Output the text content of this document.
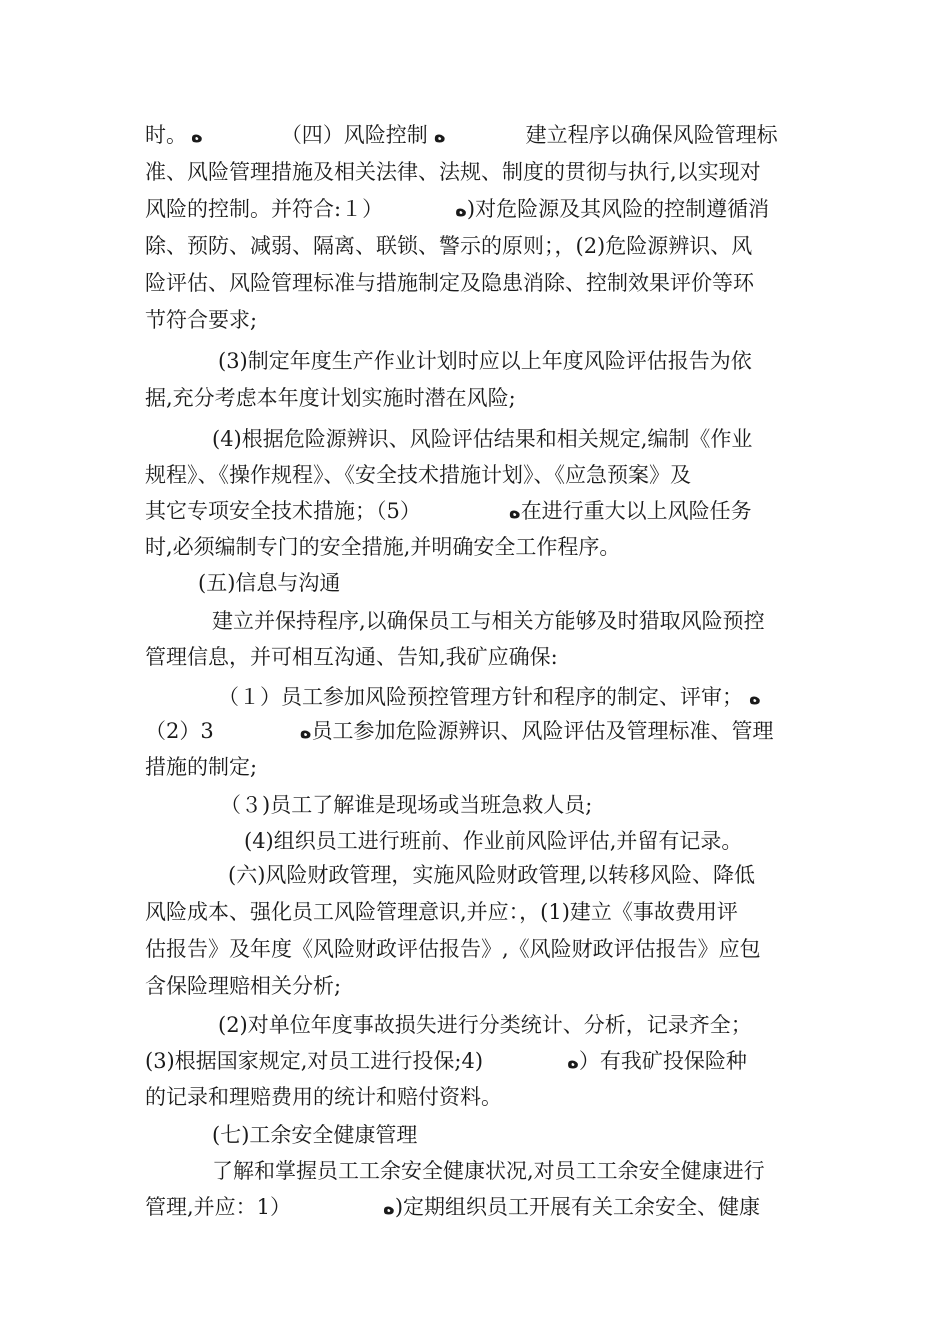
时。 ه	（四）风险控制 ه	建立程序以确保风险管理标
准、风险管理措施及相关法律、法规、制度的贯彻与执行,以实现对
风险的控制。并符合:１）	ه)对危险源及其风险的控制遵循消
除、预防、减弱、隔离、联锁、警示的原则；，(2)危险源辨识、风
险评估、风险管理标准与措施制定及隐患消除、控制效果评价等环
节符合要求;
(3)制定年度生产作业计划时应以上年度风险评估报告为依
据,充分考虑本年度计划实施时潜在风险;
(4)根据危险源辨识、风险评估结果和相关规定,编制《作业
规程》、《操作规程》、《安全技术措施计划》、《应急预案》及
其它专项安全技术措施；（5）	ه在进行重大以上风险任务
时,必须编制专门的安全措施,并明确安全工作程序。
(五)信息与沟通
建立并保持程序,以确保员工与相关方能够及时猎取风险预控
管理信息，并可相互沟通、告知,我矿应确保:
（１）员工参加风险预控管理方针和程序的制定、评审； ه
（2）	ه3员工参加危险源辨识、风险评估及管理标准、管理
措施的制定;
（３)员工了解谁是现场或当班急救人员;
(4)组织员工进行班前、作业前风险评估,并留有记录。
(六)风险财政管理，实施风险财政管理,以转移风险、降低
风险成本、强化员工风险管理意识,并应：，(1)建立《事故费用评
估报告》及年度《风险财政评估报告》,《风险财政评估报告》应包
含保险理赔相关分析;
(2)对单位年度事故损失进行分类统计、分析，记录齐全；
(3)根据国家规定,对员工进行投保;4)	ه）有我矿投保险种
的记录和理赔费用的统计和赔付资料。
(七)工余安全健康管理
了解和掌握员工工余安全健康状况,对员工工余安全健康进行
管理,并应：1）	ه)定期组织员工开展有关工余安全、健康
